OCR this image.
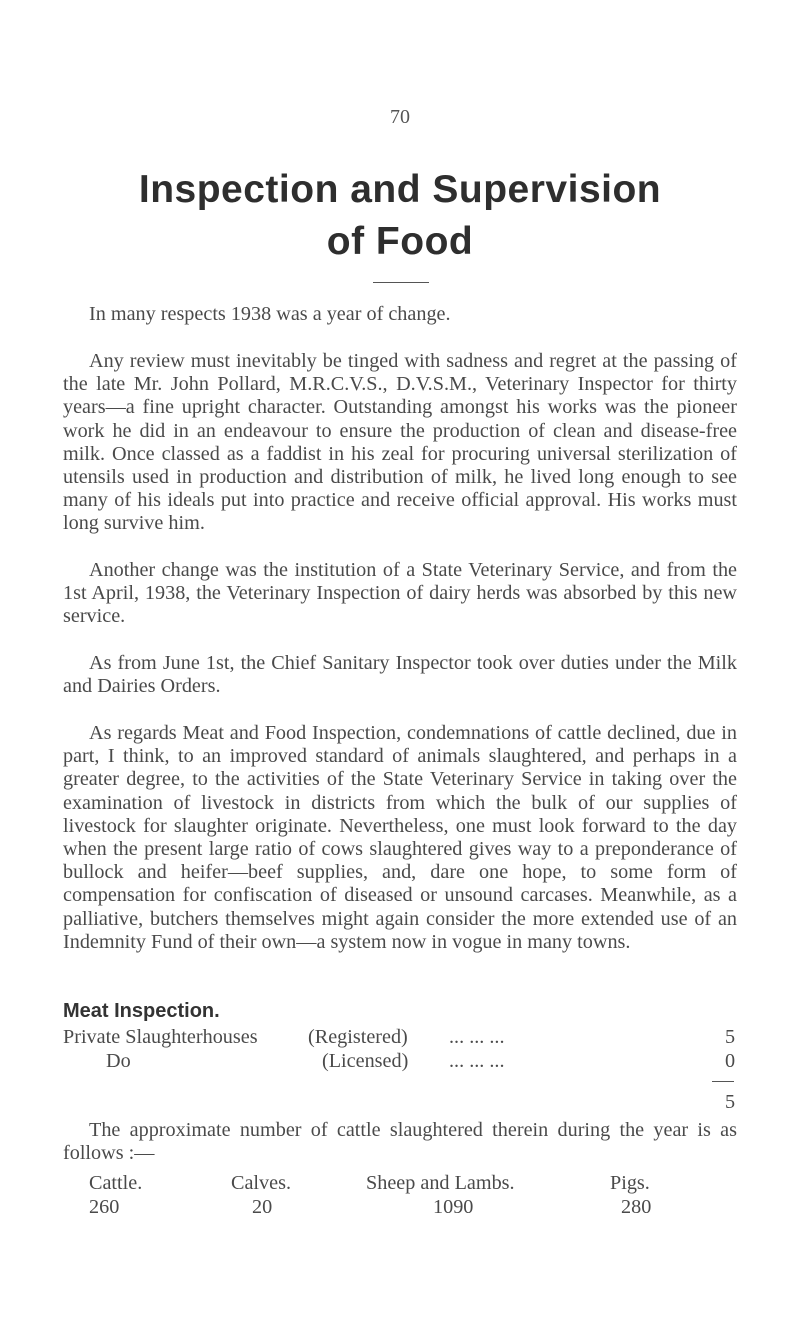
70
Inspection and Supervision
of Food

In many respects 1938 was a year of change.

Any review must inevitably be tinged with sadness and regret at the passing of the late Mr. John Pollard, M.R.C.V.S., D.V.S.M., Veterinary Inspector for thirty years—a fine upright character. Outstanding amongst his works was the pioneer work he did in an endeavour to ensure the production of clean and disease-free milk. Once classed as a faddist in his zeal for procuring universal sterilization of utensils used in production and distribution of milk, he lived long enough to see many of his ideals put into practice and receive official approval. His works must long survive him.

Another change was the institution of a State Veterinary Service, and from the 1st April, 1938, the Veterinary Inspection of dairy herds was absorbed by this new service.

As from June 1st, the Chief Sanitary Inspector took over duties under the Milk and Dairies Orders.

As regards Meat and Food Inspection, condemnations of cattle declined, due in part, I think, to an improved standard of animals slaughtered, and perhaps in a greater degree, to the activities of the State Veterinary Service in taking over the examination of livestock in districts from which the bulk of our supplies of livestock for slaughter originate. Nevertheless, one must look forward to the day when the present large ratio of cows slaughtered gives way to a preponderance of bullock and heifer—beef supplies, and, dare one hope, to some form of compensation for confiscation of diseased or unsound carcases. Meanwhile, as a palliative, butchers themselves might again consider the more extended use of an Indemnity Fund of their own—a system now in vogue in many towns.

Meat Inspection.
Private Slaughterhouses (Registered) ... ... ...	5
Do	(Licensed) ... ... ...	0
5

The approximate number of cattle slaughtered therein during the year is as follows :—

Cattle.	Calves.	Sheep and Lambs.	Pigs.
260	20	1090	280
